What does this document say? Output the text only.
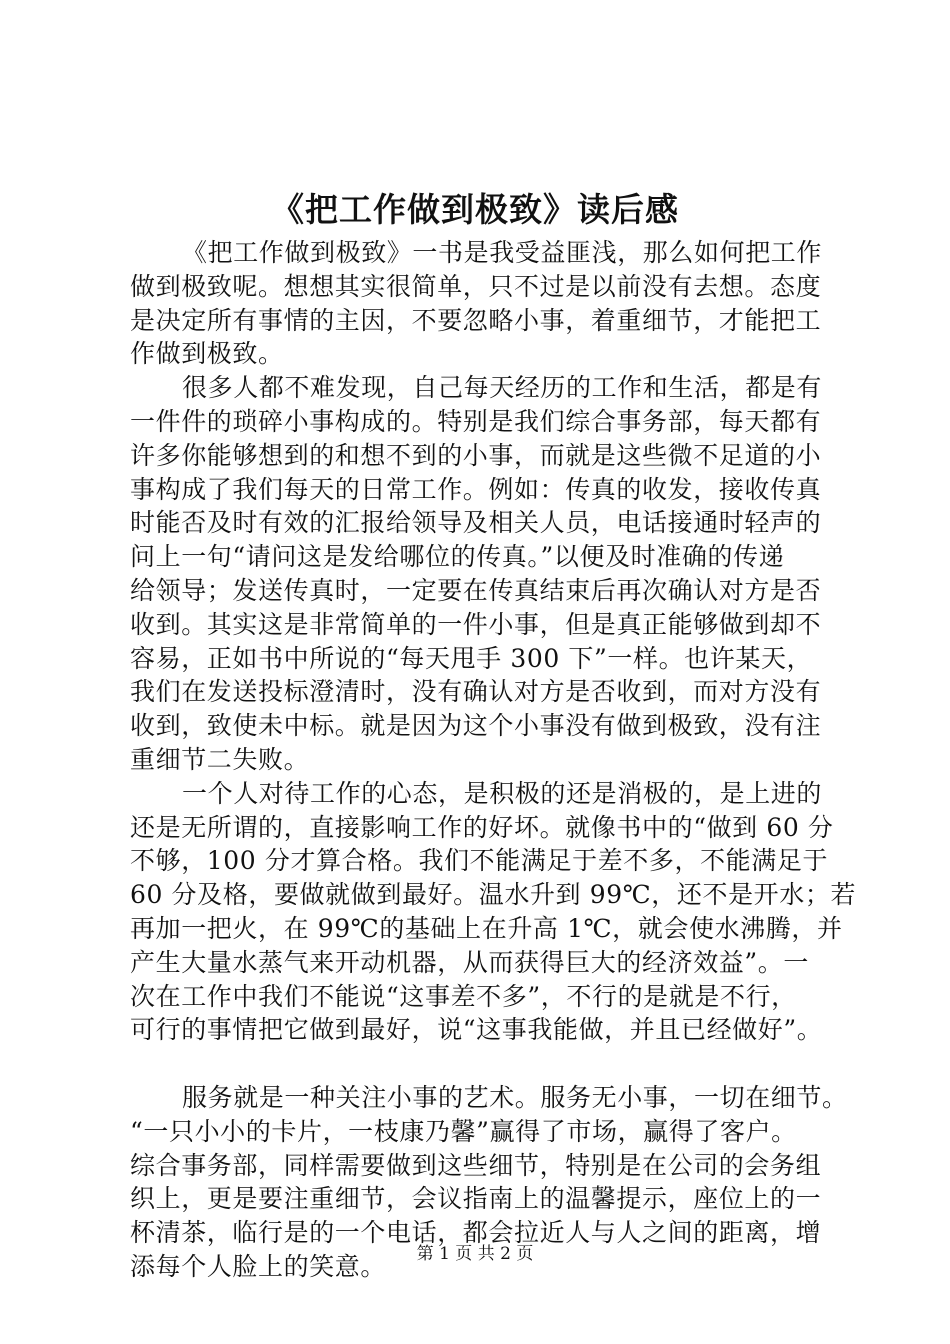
《把工作做到极致》读后感
《把工作做到极致》一书是我受益匪浅，那么如何把工作
做到极致呢。想想其实很简单，只不过是以前没有去想。态度
是决定所有事情的主因，不要忽略小事，着重细节，才能把工
作做到极致。
很多人都不难发现，自己每天经历的工作和生活，都是有
一件件的琐碎小事构成的。特别是我们综合事务部，每天都有
许多你能够想到的和想不到的小事，而就是这些微不足道的小
事构成了我们每天的日常工作。例如：传真的收发，接收传真
时能否及时有效的汇报给领导及相关人员，电话接通时轻声的
问上一句“请问这是发给哪位的传真。”以便及时准确的传递
给领导；发送传真时，一定要在传真结束后再次确认对方是否
收到。其实这是非常简单的一件小事，但是真正能够做到却不
容易，正如书中所说的“每天甩手 300 下”一样。也许某天，
我们在发送投标澄清时，没有确认对方是否收到，而对方没有
收到，致使未中标。就是因为这个小事没有做到极致，没有注
重细节二失败。
一个人对待工作的心态，是积极的还是消极的，是上进的
还是无所谓的，直接影响工作的好坏。就像书中的“做到 60 分
不够，100 分才算合格。我们不能满足于差不多，不能满足于
60 分及格，要做就做到最好。温水升到 99℃，还不是开水；若
再加一把火，在 99℃的基础上在升高 1℃，就会使水沸腾，并
产生大量水蒸气来开动机器，从而获得巨大的经济效益”。一
次在工作中我们不能说“这事差不多”，不行的是就是不行，
可行的事情把它做到最好，说“这事我能做，并且已经做好”。
服务就是一种关注小事的艺术。服务无小事，一切在细节。
“一只小小的卡片，一枝康乃馨”赢得了市场，赢得了客户。
综合事务部，同样需要做到这些细节，特别是在公司的会务组
织上，更是要注重细节，会议指南上的温馨提示，座位上的一
杯清茶，临行是的一个电话，都会拉近人与人之间的距离，增
添每个人脸上的笑意。	第 1 页 共 2 页
